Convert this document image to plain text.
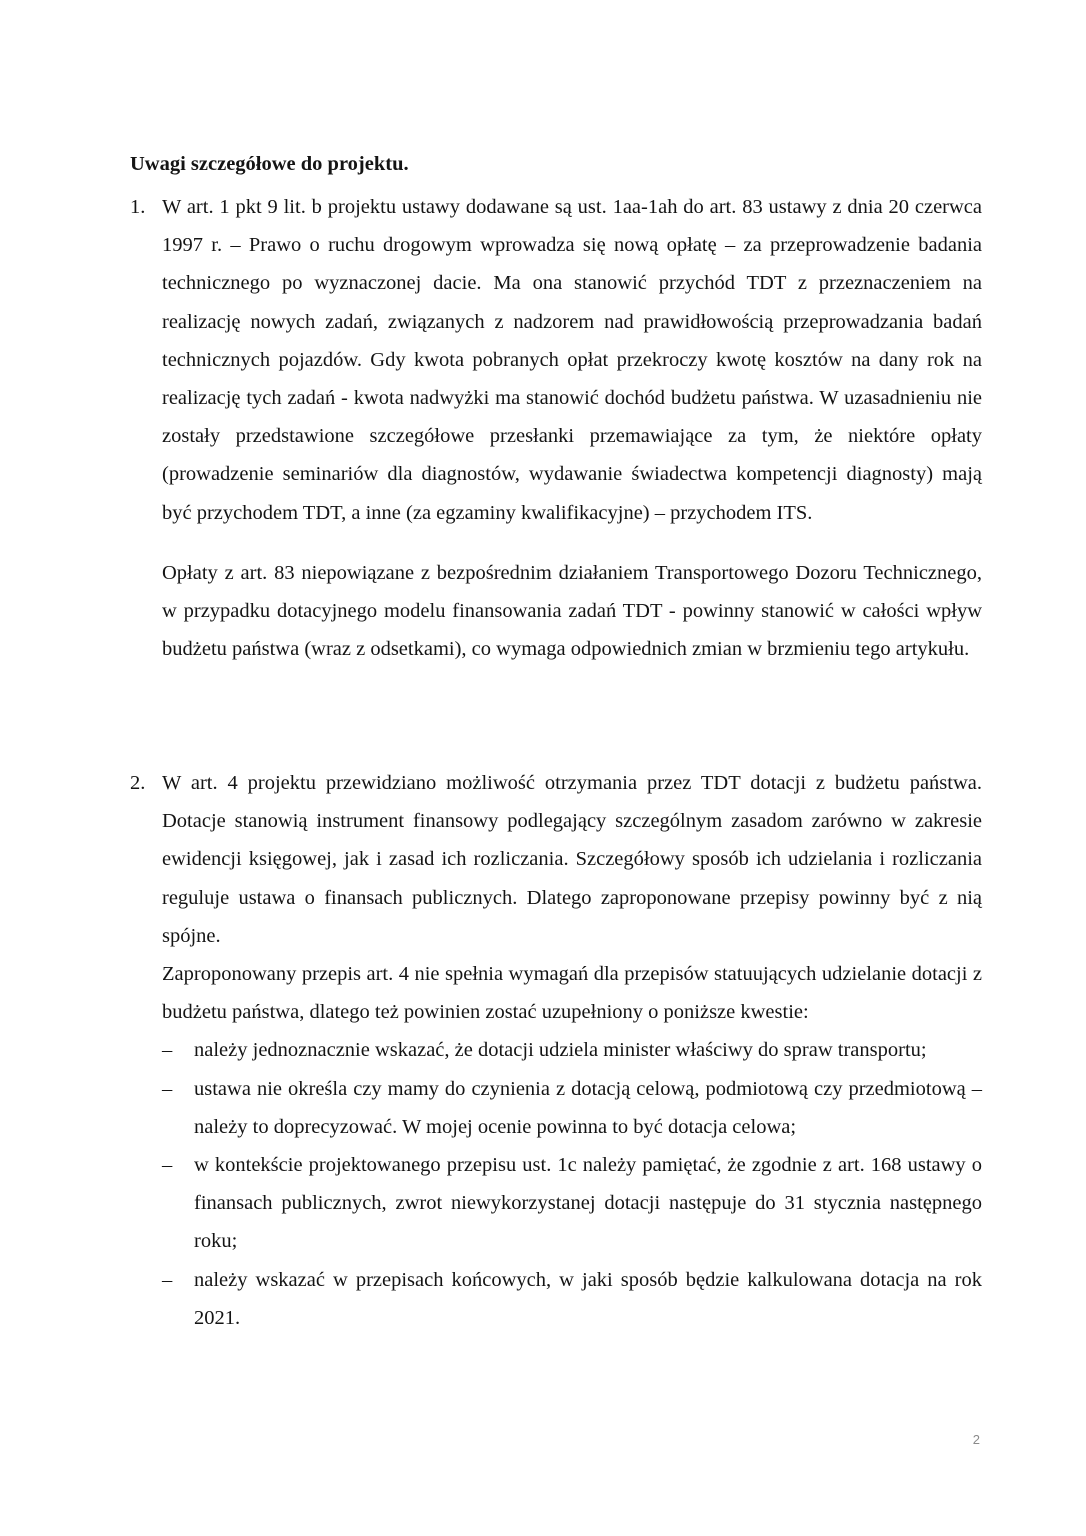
Uwagi szczegółowe do projektu.
1. W art. 1 pkt 9 lit. b projektu ustawy dodawane są ust. 1aa-1ah do art. 83 ustawy z dnia 20 czerwca 1997 r. – Prawo o ruchu drogowym wprowadza się nową opłatę – za przeprowadzenie badania technicznego po wyznaczonej dacie. Ma ona stanowić przychód TDT z przeznaczeniem na realizację nowych zadań, związanych z nadzorem nad prawidłowością przeprowadzania badań technicznych pojazdów. Gdy kwota pobranych opłat przekroczy kwotę kosztów na dany rok na realizację tych zadań - kwota nadwyżki ma stanowić dochód budżetu państwa. W uzasadnieniu nie zostały przedstawione szczegółowe przesłanki przemawiające za tym, że niektóre opłaty (prowadzenie seminariów dla diagnostów, wydawanie świadectwa kompetencji diagnosty) mają być przychodem TDT, a inne (za egzaminy kwalifikacyjne) – przychodem ITS.

Opłaty z art. 83 niepowiązane z bezpośrednim działaniem Transportowego Dozoru Technicznego, w przypadku dotacyjnego modelu finansowania zadań TDT - powinny stanowić w całości wpływ budżetu państwa (wraz z odsetkami), co wymaga odpowiednich zmian w brzmieniu tego artykułu.

2. W art. 4 projektu przewidziano możliwość otrzymania przez TDT dotacji z budżetu państwa. Dotacje stanowią instrument finansowy podlegający szczególnym zasadom zarówno w zakresie ewidencji księgowej, jak i zasad ich rozliczania. Szczegółowy sposób ich udzielania i rozliczania reguluje ustawa o finansach publicznych. Dlatego zaproponowane przepisy powinny być z nią spójne.

Zaproponowany przepis art. 4 nie spełnia wymagań dla przepisów statuujących udzielanie dotacji z budżetu państwa, dlatego też powinien zostać uzupełniony o poniższe kwestie:

– należy jednoznacznie wskazać, że dotacji udziela minister właściwy do spraw transportu;
– ustawa nie określa czy mamy do czynienia z dotacją celową, podmiotową czy przedmiotową – należy to doprecyzować. W mojej ocenie powinna to być dotacja celowa;
– w kontekście projektowanego przepisu ust. 1c należy pamiętać, że zgodnie z art. 168 ustawy o finansach publicznych, zwrot niewykorzystanej dotacji następuje do 31 stycznia następnego roku;
– należy wskazać w przepisach końcowych, w jaki sposób będzie kalkulowana dotacja na rok 2021.
2
